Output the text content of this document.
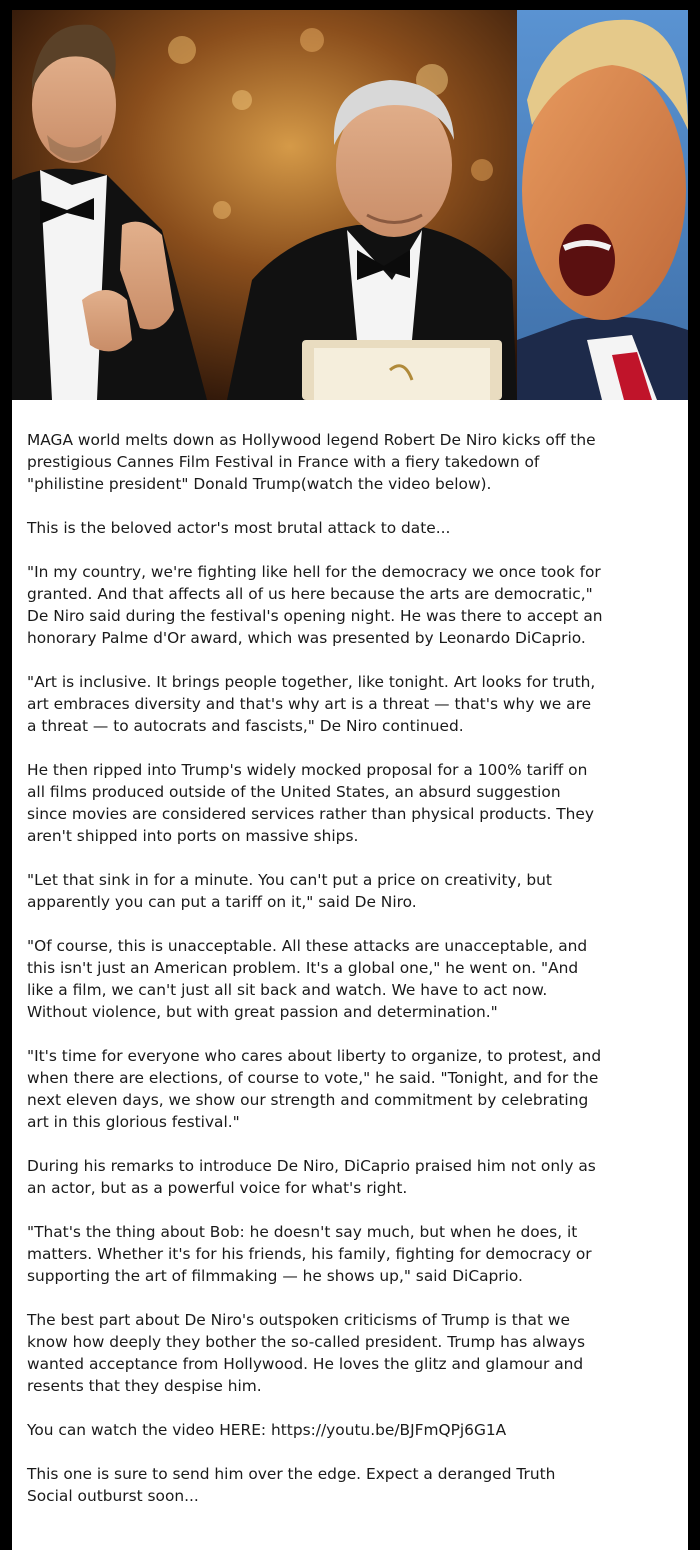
MAGA world melts down as Hollywood legend Robert De Niro kicks off the
prestigious Cannes Film Festival in France with a fiery takedown of
"philistine president" Donald Trump(watch the video below).

This is the beloved actor's most brutal attack to date...

"In my country, we're fighting like hell for the democracy we once took for
granted. And that affects all of us here because the arts are democratic,"
De Niro said during the festival's opening night. He was there to accept an
honorary Palme d'Or award, which was presented by Leonardo DiCaprio.

"Art is inclusive. It brings people together, like tonight. Art looks for truth,
art embraces diversity and that's why art is a threat — that's why we are
a threat — to autocrats and fascists," De Niro continued.

He then ripped into Trump's widely mocked proposal for a 100% tariff on
all films produced outside of the United States, an absurd suggestion
since movies are considered services rather than physical products. They
aren't shipped into ports on massive ships.

"Let that sink in for a minute. You can't put a price on creativity, but
apparently you can put a tariff on it," said De Niro.

"Of course, this is unacceptable. All these attacks are unacceptable, and
this isn't just an American problem. It's a global one," he went on. "And
like a film, we can't just all sit back and watch. We have to act now.
Without violence, but with great passion and determination."

"It's time for everyone who cares about liberty to organize, to protest, and
when there are elections, of course to vote," he said. "Tonight, and for the
next eleven days, we show our strength and commitment by celebrating
art in this glorious festival."

During his remarks to introduce De Niro, DiCaprio praised him not only as
an actor, but as a powerful voice for what's right.

"That's the thing about Bob: he doesn't say much, but when he does, it
matters. Whether it's for his friends, his family, fighting for democracy or
supporting the art of filmmaking — he shows up," said DiCaprio.

The best part about De Niro's outspoken criticisms of Trump is that we
know how deeply they bother the so-called president. Trump has always
wanted acceptance from Hollywood. He loves the glitz and glamour and
resents that they despise him.

You can watch the video HERE: https://youtu.be/BJFmQPj6G1A

This one is sure to send him over the edge. Expect a deranged Truth
Social outburst soon...
